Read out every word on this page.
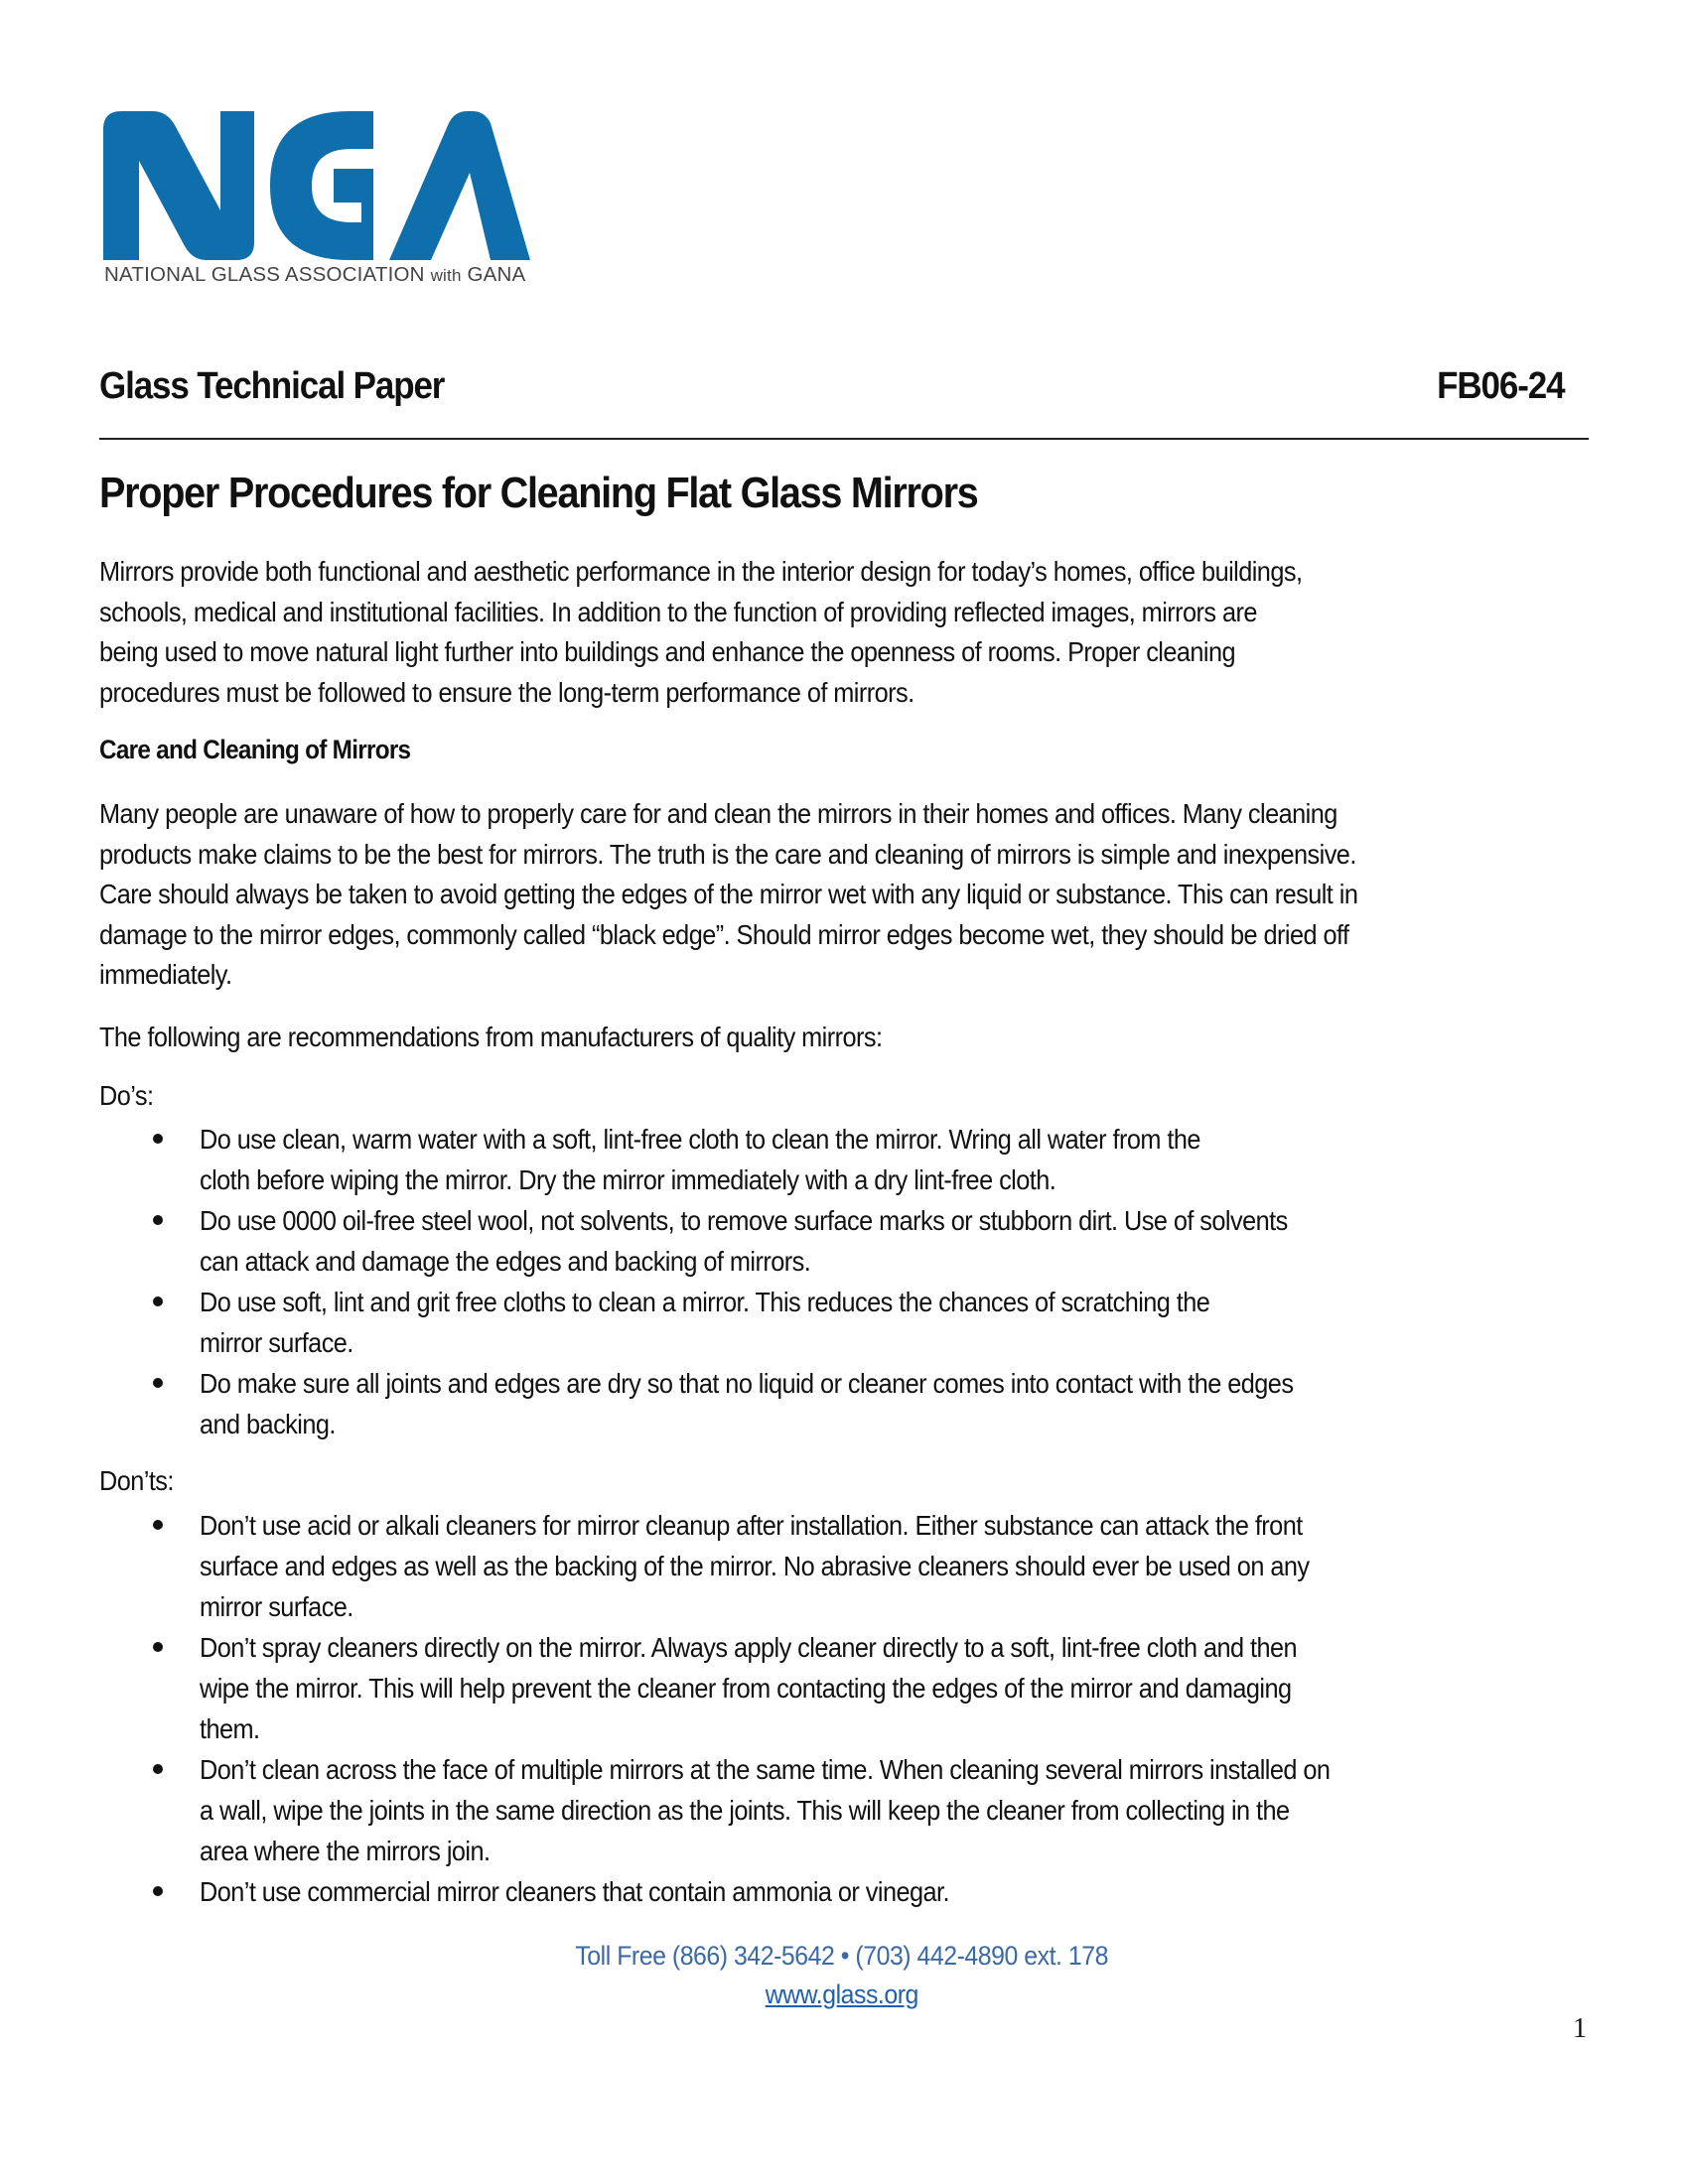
NATIONAL GLASS ASSOCIATION with GANA
Glass Technical Paper	FB06-24
Proper Procedures for Cleaning Flat Glass Mirrors
Mirrors provide both functional and aesthetic performance in the interior design for today’s homes, office buildings,
schools, medical and institutional facilities. In addition to the function of providing reflected images, mirrors are
being used to move natural light further into buildings and enhance the openness of rooms. Proper cleaning
procedures must be followed to ensure the long-term performance of mirrors.
Care and Cleaning of Mirrors
Many people are unaware of how to properly care for and clean the mirrors in their homes and offices. Many cleaning
products make claims to be the best for mirrors. The truth is the care and cleaning of mirrors is simple and inexpensive.
Care should always be taken to avoid getting the edges of the mirror wet with any liquid or substance. This can result in
damage to the mirror edges, commonly called “black edge”. Should mirror edges become wet, they should be dried off
immediately.
The following are recommendations from manufacturers of quality mirrors:
Do’s:
Do use clean, warm water with a soft, lint-free cloth to clean the mirror. Wring all water from the
cloth before wiping the mirror. Dry the mirror immediately with a dry lint-free cloth.
Do use 0000 oil-free steel wool, not solvents, to remove surface marks or stubborn dirt. Use of solvents
can attack and damage the edges and backing of mirrors.
Do use soft, lint and grit free cloths to clean a mirror. This reduces the chances of scratching the
mirror surface.
Do make sure all joints and edges are dry so that no liquid or cleaner comes into contact with the edges
and backing.
Don’ts:
Don’t use acid or alkali cleaners for mirror cleanup after installation. Either substance can attack the front
surface and edges as well as the backing of the mirror. No abrasive cleaners should ever be used on any
mirror surface.
Don’t spray cleaners directly on the mirror. Always apply cleaner directly to a soft, lint-free cloth and then
wipe the mirror. This will help prevent the cleaner from contacting the edges of the mirror and damaging
them.
Don’t clean across the face of multiple mirrors at the same time. When cleaning several mirrors installed on
a wall, wipe the joints in the same direction as the joints. This will keep the cleaner from collecting in the
area where the mirrors join.
Don’t use commercial mirror cleaners that contain ammonia or vinegar.
Toll Free (866) 342-5642 • (703) 442-4890 ext. 178
www.glass.org
1
